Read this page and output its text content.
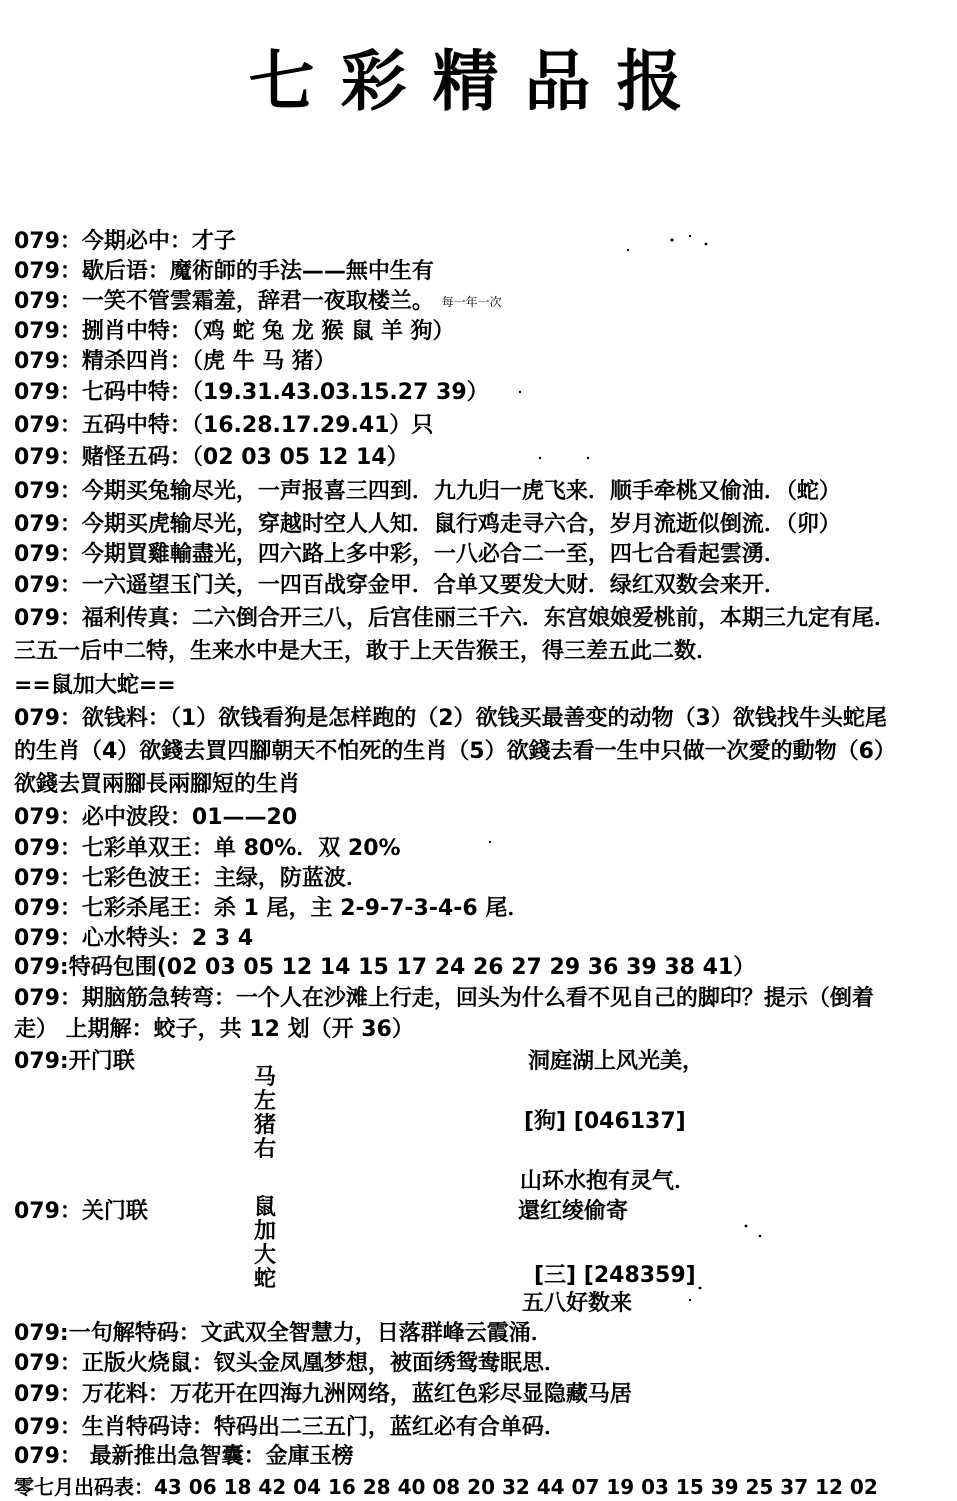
七彩精品报
079：今期必中：才子
079：歇后语：魔術師的手法——無中生有
079：一笑不管雲霜羞，辞君一夜取楼兰。 $^{每一年一次}$
079：捌肖中特：（鸡 蛇 兔 龙 猴 鼠 羊 狗）
079：精杀四肖：（虎 牛 马 猪）
079：七码中特：（19.31.43.03.15.27 39）
079：五码中特：（16.28.17.29.41）只
079：赌怪五码：（02 03 05 12 14）
079：今期买兔输尽光，一声报喜三四到．九九归一虎飞来．顺手牵桃又偷油．（蛇）
079：今期买虎输尽光，穿越时空人人知．鼠行鸡走寻六合，岁月流逝似倒流．（卯）
079：今期買雞輸盡光，四六路上多中彩，一八必合二一至，四七合看起雲湧．
079：一六遥望玉门关，一四百战穿金甲．合单又要发大财．绿红双数会来开．
079：福利传真：二六倒合开三八，后宫佳丽三千六．东宫娘娘爱桃前，本期三九定有尾．
三五一后中二特，生来水中是大王，敢于上天告猴王，得三差五此二数．
==鼠加大蛇==
079：欲钱料：（1）欲钱看狗是怎样跑的（2）欲钱买最善变的动物（3）欲钱找牛头蛇尾
的生肖（4）欲錢去買四腳朝天不怕死的生肖（5）欲錢去看一生中只做一次愛的動物（6）
欲錢去買兩腳長兩腳短的生肖
079：必中波段：01——20
079：七彩单双王：单 80%．双 20%
079：七彩色波王：主绿，防蓝波．
079：七彩杀尾王：杀 1 尾，主 2-9-7-3-4-6 尾．
079：心水特头：2 3 4
079:特码包围(02 03 05 12 14 15 17 24 26 27 29 36 39 38 41）
079：期脑筋急转弯：一个人在沙滩上行走，回头为什么看不见自己的脚印？提示（倒着
走） 上期解：蛟子，共 12 划（开 36）
079:开门联
马
左
猪
右
洞庭湖上风光美，
[狗] [046137]
山环水抱有灵气．
079：关门联	鼠
加
大
蛇
還红绫偷寄
[三] [248359]
五八好数来
079:一句解特码：文武双全智慧力，日落群峰云霞涌．
079：正版火烧鼠：钗头金凤凰梦想，被面绣鸳鸯眠思．
079：万花料：万花开在四海九洲网络，蓝红色彩尽显隐藏马居
079：生肖特码诗：特码出二三五门，蓝红必有合单码．
079： 最新推出急智囊：金庫玉榜
零七月出码表：43 06 18 42 04 16 28 40 08 20 32 44 07 19 03 15 39 25 37 12 02
